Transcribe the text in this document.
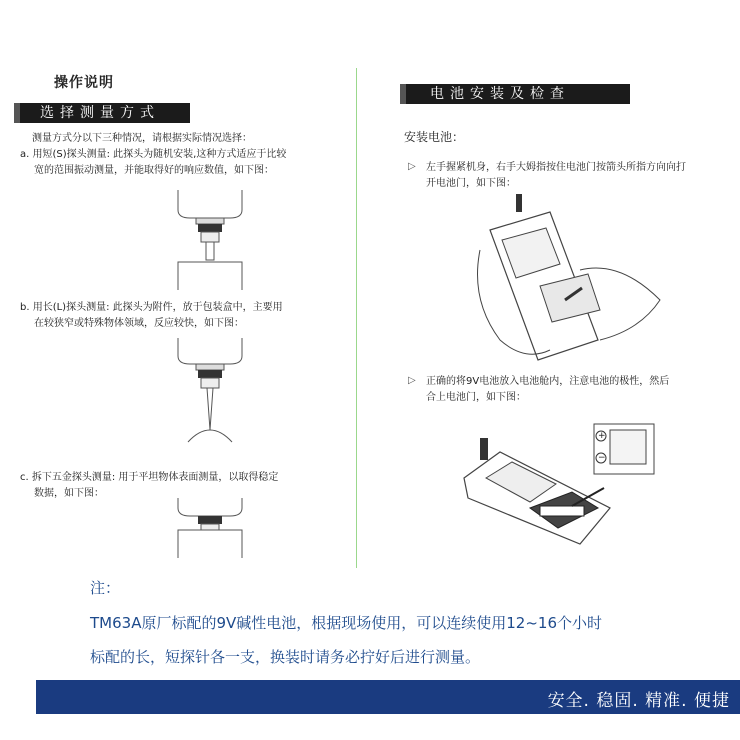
操作说明
选择测量方式
测量方式分以下三种情况，请根据实际情况选择：
a. 用短(S)探头测量: 此探头为随机安装,这种方式适应于比较
宽的范围振动测量，并能取得好的响应数值，如下图：
b. 用长(L)探头测量: 此探头为附件，放于包装盒中，主要用
在较狭窄或特殊物体领域，反应较快，如下图：
c. 拆下五金探头测量: 用于平坦物体表面测量，以取得稳定
数据，如下图：
电池安装及检查
安装电池：
▷ 左手握紧机身，右手大姆指按住电池门按箭头所指方向向打
开电池门，如下图：
▷ 正确的将9V电池放入电池舱内，注意电池的极性，然后
合上电池门，如下图：
+
−
注：
TM63A原厂标配的9V碱性电池，根据现场使用，可以连续使用12~16个小时
标配的长，短探针各一支，换装时请务必拧好后进行测量。
安全. 稳固. 精准. 便捷
